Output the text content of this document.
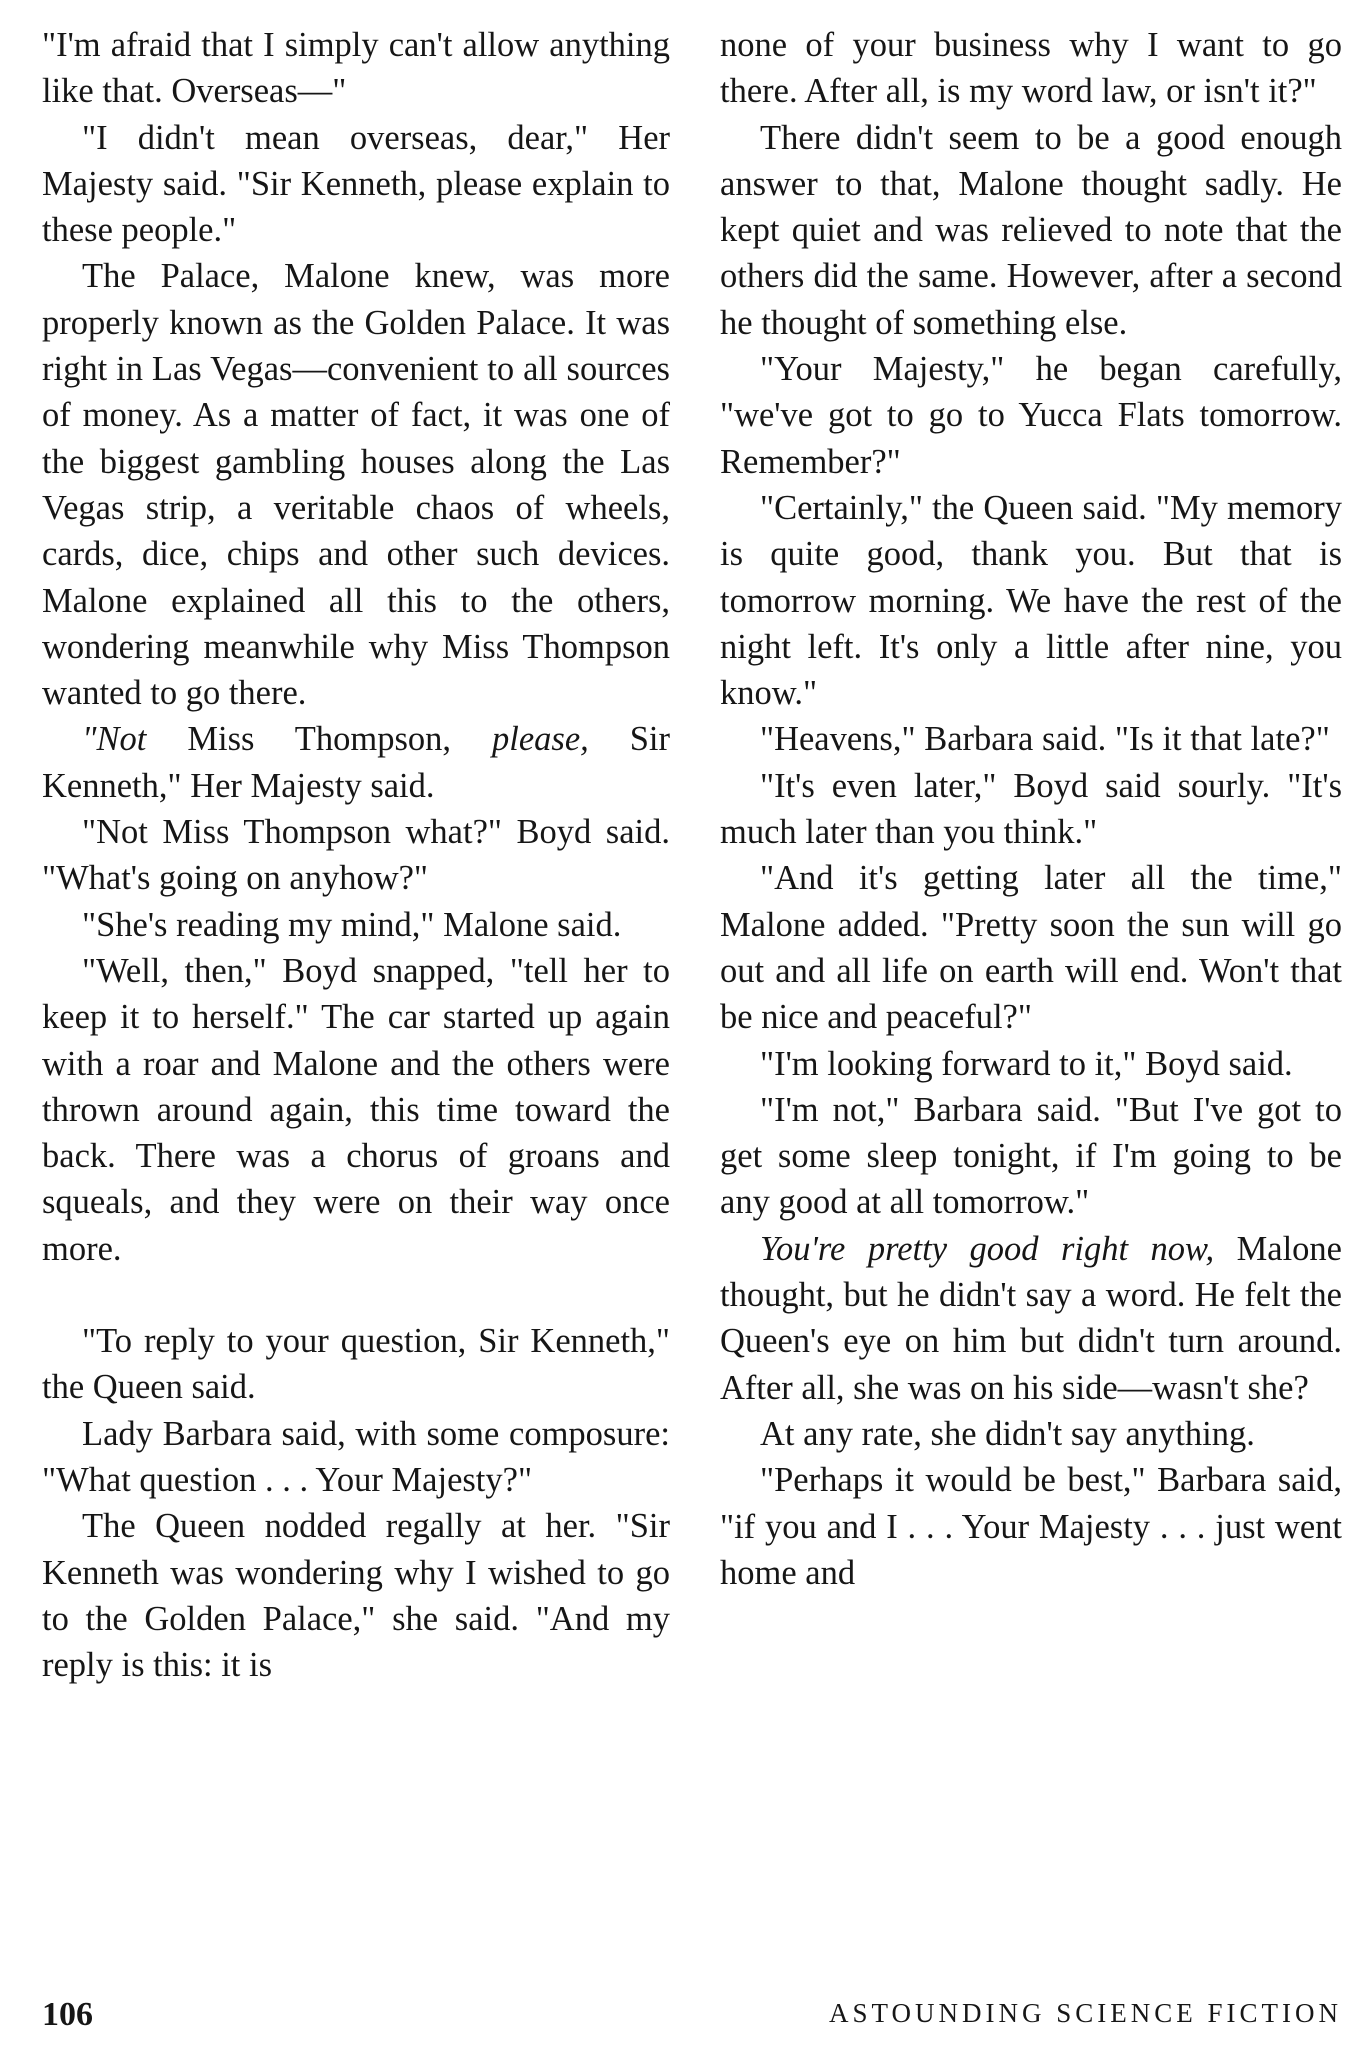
"I'm afraid that I simply can't allow anything like that. Overseas—"

"I didn't mean overseas, dear," Her Majesty said. "Sir Kenneth, please explain to these people."

The Palace, Malone knew, was more properly known as the Golden Palace. It was right in Las Vegas—convenient to all sources of money. As a matter of fact, it was one of the biggest gambling houses along the Las Vegas strip, a veritable chaos of wheels, cards, dice, chips and other such devices. Malone explained all this to the others, wondering meanwhile why Miss Thompson wanted to go there.

"Not Miss Thompson, please, Sir Kenneth," Her Majesty said.

"Not Miss Thompson what?" Boyd said. "What's going on anyhow?"

"She's reading my mind," Malone said.

"Well, then," Boyd snapped, "tell her to keep it to herself." The car started up again with a roar and Malone and the others were thrown around again, this time toward the back. There was a chorus of groans and squeals, and they were on their way once more.

"To reply to your question, Sir Kenneth," the Queen said.

Lady Barbara said, with some composure: "What question . . . Your Majesty?"

The Queen nodded regally at her. "Sir Kenneth was wondering why I wished to go to the Golden Palace," she said. "And my reply is this: it is

none of your business why I want to go there. After all, is my word law, or isn't it?"

There didn't seem to be a good enough answer to that, Malone thought sadly. He kept quiet and was relieved to note that the others did the same. However, after a second he thought of something else.

"Your Majesty," he began carefully, "we've got to go to Yucca Flats tomorrow. Remember?"

"Certainly," the Queen said. "My memory is quite good, thank you. But that is tomorrow morning. We have the rest of the night left. It's only a little after nine, you know."

"Heavens," Barbara said. "Is it that late?"

"It's even later," Boyd said sourly. "It's much later than you think."

"And it's getting later all the time," Malone added. "Pretty soon the sun will go out and all life on earth will end. Won't that be nice and peaceful?"

"I'm looking forward to it," Boyd said.

"I'm not," Barbara said. "But I've got to get some sleep tonight, if I'm going to be any good at all tomorrow."

You're pretty good right now, Malone thought, but he didn't say a word. He felt the Queen's eye on him but didn't turn around. After all, she was on his side—wasn't she?

At any rate, she didn't say anything.

"Perhaps it would be best," Barbara said, "if you and I . . . Your Majesty . . . just went home and

106	ASTOUNDING SCIENCE FICTION
